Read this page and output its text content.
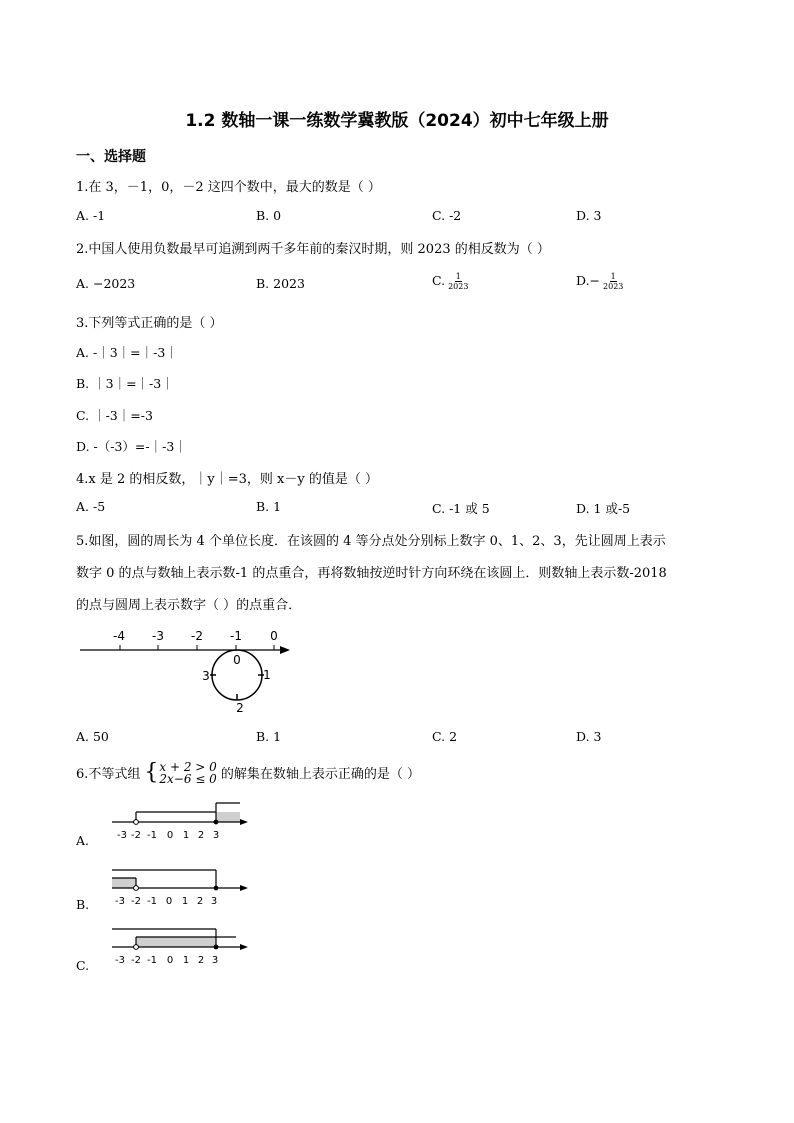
1.2 数轴一课一练数学冀教版（2024）初中七年级上册
一、选择题
1.在 3，－1，0，－2 这四个数中，最大的数是（ ）
A. -1	B. 0	C. -2	D. 3
2.中国人使用负数最早可追溯到两千多年前的秦汉时期，则 2023 的相反数为（ ）
A. −2023	B. 2023	C. $\frac{1}{2023}$	$D.- \frac{1}{2023}$
3.下列等式正确的是（ ）
A. -｜3｜=｜-3｜
B. ｜3｜=｜-3｜
C. ｜-3｜=-3
D. -（-3）=-｜-3｜
4.x 是 2 的相反数，｜y｜=3，则 x－y 的值是（ ）
A. -5	B. 1	C. -1 或 5	D. 1 或-5
5.如图，圆的周长为 4 个单位长度．在该圆的 4 等分点处分别标上数字 0、1、2、3，先让圆周上表示
数字 0 的点与数轴上表示数-1 的点重合，再将数轴按逆时针方向环绕在该圆上．则数轴上表示数-2018
的点与圆周上表示数字（ ）的点重合．
-4 -3 -2 -1 0
0
1
2
3
A. 50	B. 1	C. 2	D. 3
6.不等式组 { x + 2 > 0
2x−6 ≤ 0 的解集在数轴上表示正确的是（ ）
A.	-3 -2 -1 0 1 2 3
B.	-3 -2 -1 0 1 2 3
C.	-3 -2 -1 0 1 2 3
